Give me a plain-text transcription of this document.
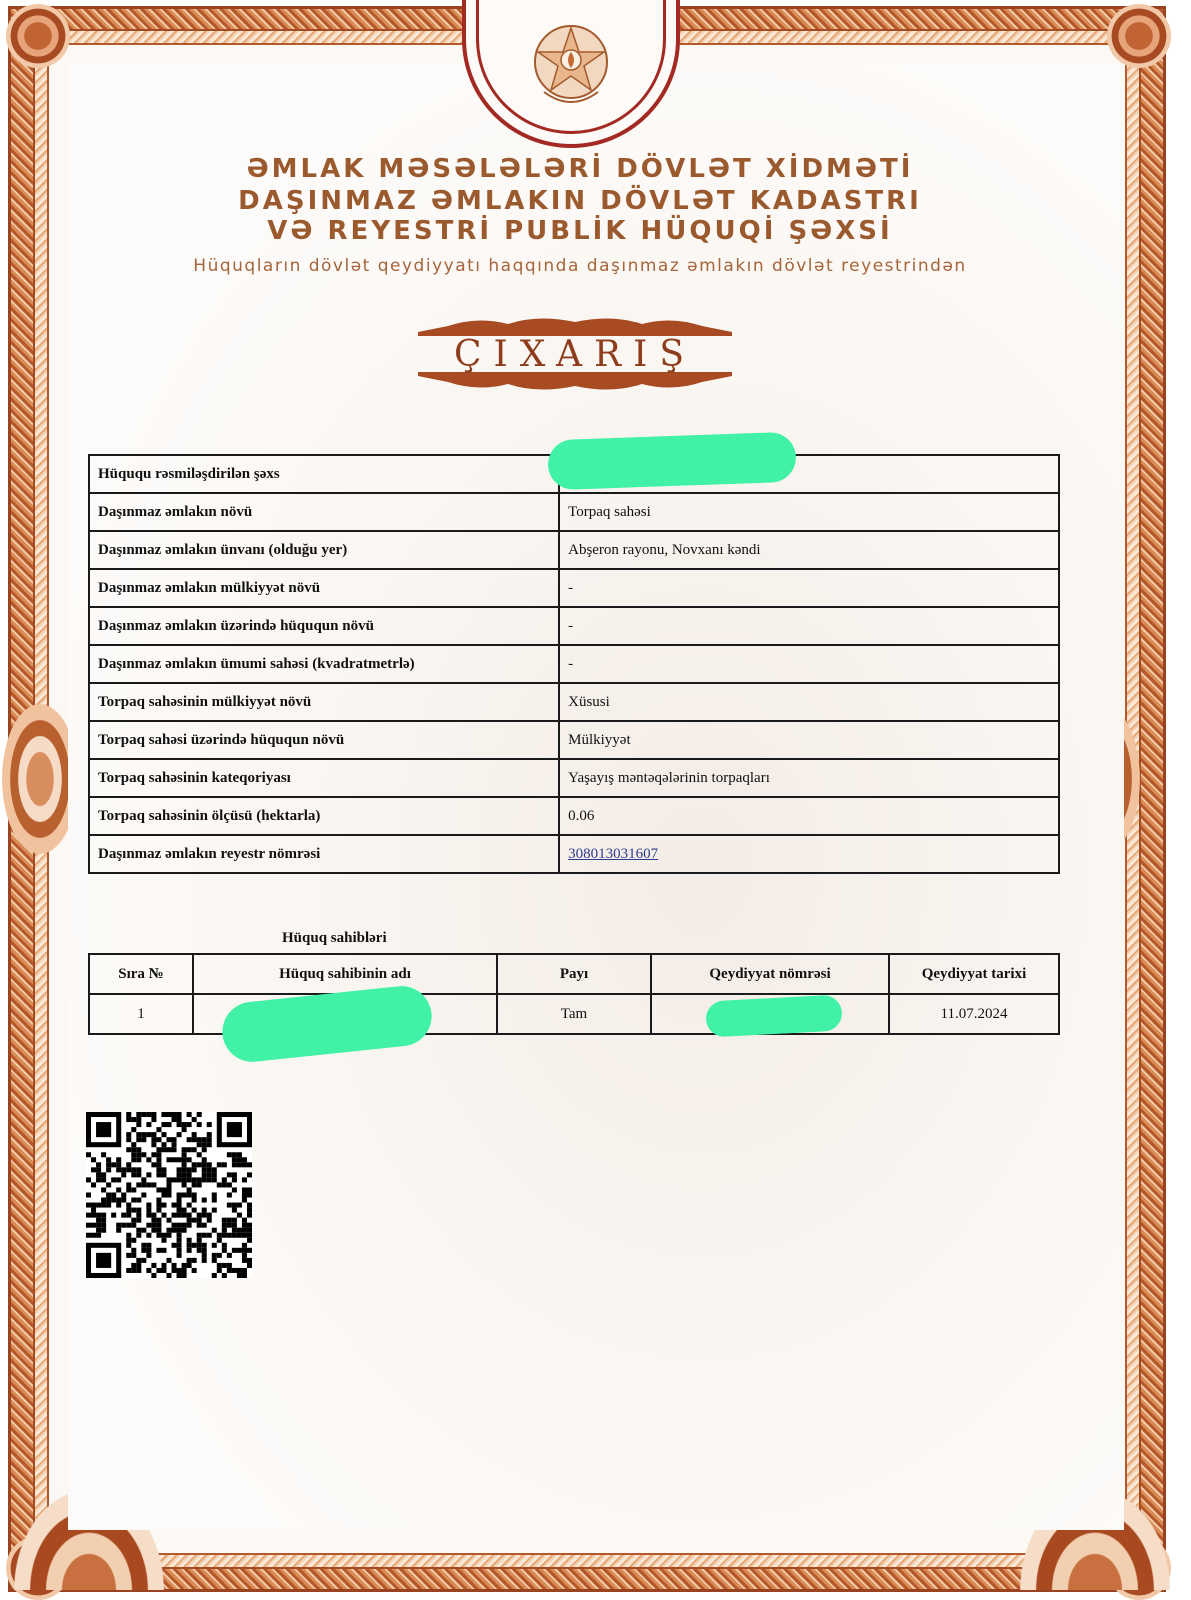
ƏMLAK MƏSƏLƏLƏRİ DÖVLƏT XİDMƏTİ
DAŞINMAZ ƏMLAKIN DÖVLƏT KADASTRI
VƏ REYESTRİ PUBLİK HÜQUQİ ŞƏXSİ
Hüquqların dövlət qeydiyyatı haqqında daşınmaz əmlakın dövlət reyestrindən
ÇIXARIŞ
Hüququ rəsmiləşdirilən şəxs	
Daşınmaz əmlakın növü	Torpaq sahəsi
Daşınmaz əmlakın ünvanı (olduğu yer)	Abşeron rayonu, Novxanı kəndi
Daşınmaz əmlakın mülkiyyət növü	-
Daşınmaz əmlakın üzərində hüququn növü	-
Daşınmaz əmlakın ümumi sahəsi (kvadratmetrlə)	-
Torpaq sahəsinin mülkiyyət növü	Xüsusi
Torpaq sahəsi üzərində hüququn növü	Mülkiyyət
Torpaq sahəsinin kateqoriyası	Yaşayış məntəqələrinin torpaqları
Torpaq sahəsinin ölçüsü (hektarla)	0.06
Daşınmaz əmlakın reyestr nömrəsi	308013031607
Hüquq sahibləri
Sıra №	Hüquq sahibinin adı	Payı	Qeydiyyat nömrəsi	Qeydiyyat tarixi
1		Tam		11.07.2024
